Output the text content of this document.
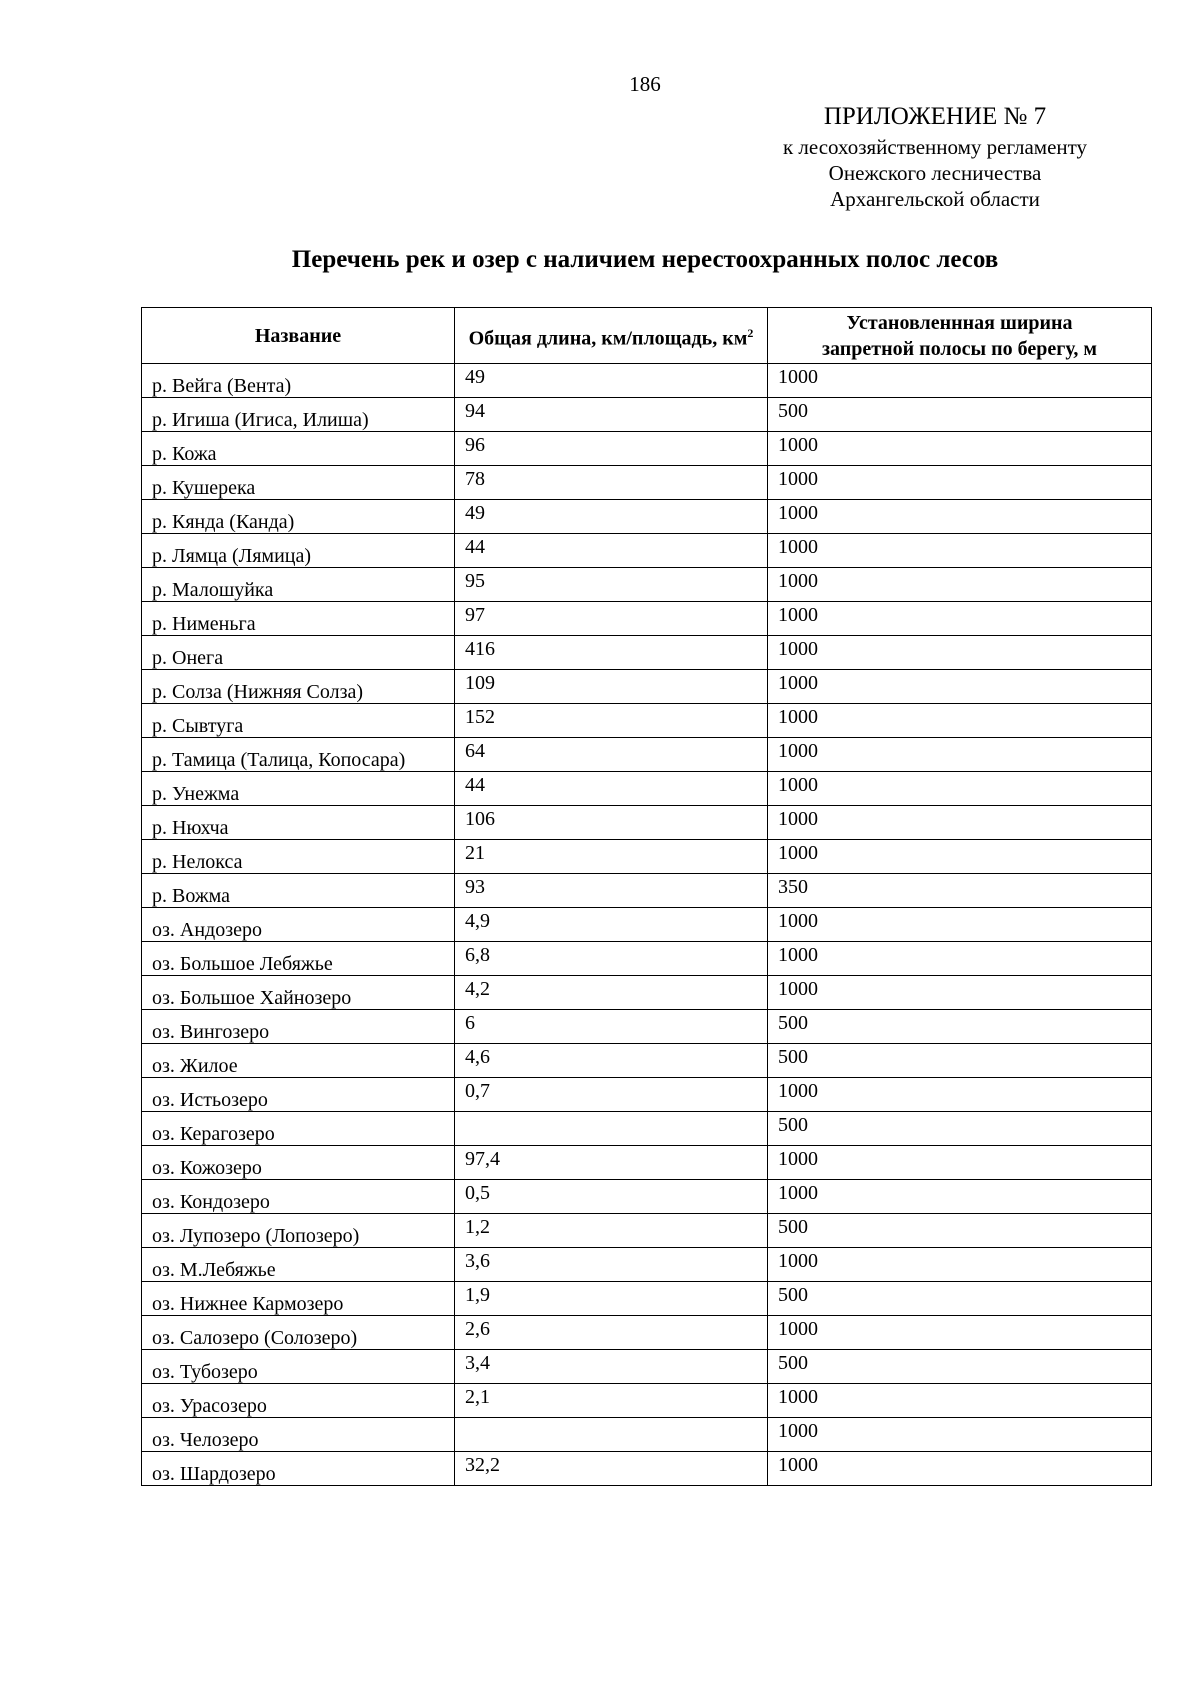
186
ПРИЛОЖЕНИЕ № 7
к лесохозяйственному регламенту
Онежского лесничества
Архангельской области
Перечень рек и озер с наличием нерестоохранных полос лесов
Название	Общая длина, км/площадь, $км^2$	Установленнная ширина
запретной полосы по берегу, м

р. Вейга (Вента)	49	1000
р. Игиша (Игиса, Илиша)	94	500
р. Кожа	96	1000
р. Кушерека	78	1000
р. Кянда (Канда)	49	1000
р. Лямца (Лямица)	44	1000
р. Малошуйка	95	1000
р. Нименьга	97	1000
р. Онега	416	1000
р. Солза (Нижняя Солза)	109	1000
р. Сывтуга	152	1000
р. Тамица (Талица, Копосара)	64	1000
р. Унежма	44	1000
р. Нюхча	106	1000
р. Нелокса	21	1000
р. Вожма	93	350
оз. Андозеро	4,9	1000
оз. Большое Лебяжье	6,8	1000
оз. Большое Хайнозеро	4,2	1000
оз. Вингозеро	6	500
оз. Жилое	4,6	500
оз. Истьозеро	0,7	1000
оз. Керагозеро		500
оз. Кожозеро	97,4	1000
оз. Кондозеро	0,5	1000
оз. Лупозеро (Лопозеро)	1,2	500
оз. М.Лебяжье	3,6	1000
оз. Нижнее Кармозеро	1,9	500
оз. Салозеро (Солозеро)	2,6	1000
оз. Тубозеро	3,4	500
оз. Урасозеро	2,1	1000
оз. Челозеро		1000
оз. Шардозеро	32,2	1000
